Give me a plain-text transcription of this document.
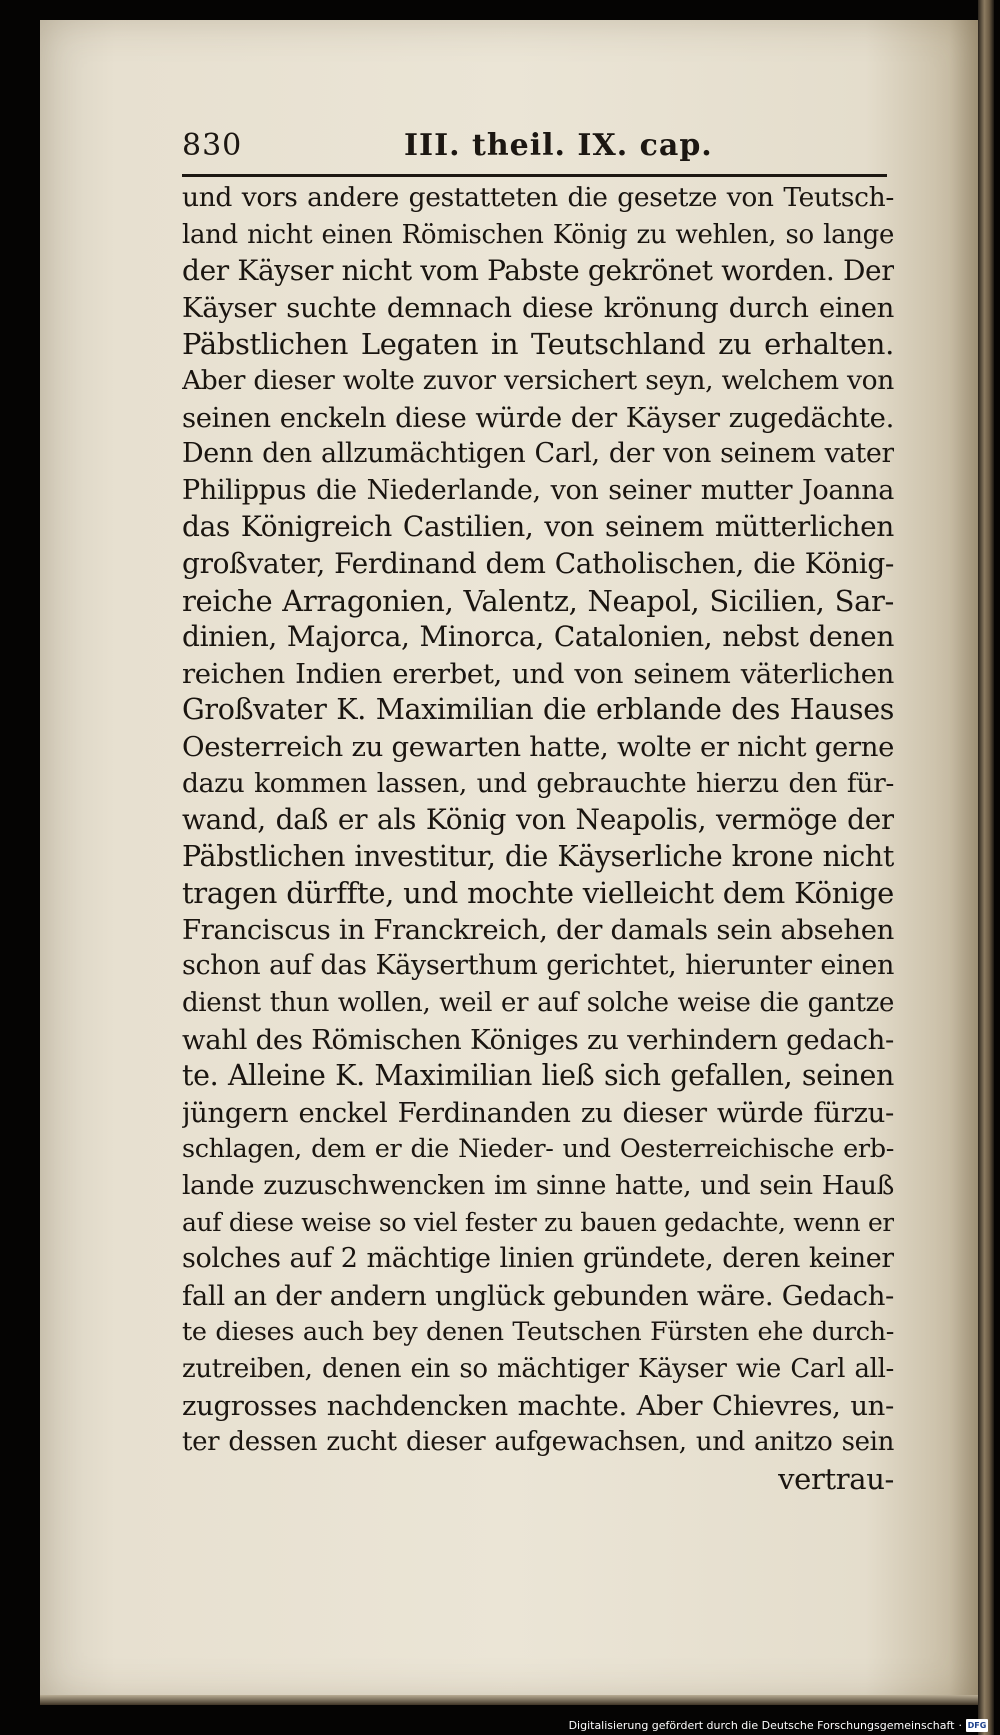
830	III. theil. IX. cap.
und vors andere gestatteten die gesetze von Teutsch-
land nicht einen Römischen König zu wehlen, so lange
der Käyser nicht vom Pabste gekrönet worden. Der
Käyser suchte demnach diese krönung durch einen
Päbstlichen Legaten in Teutschland zu erhalten.
Aber dieser wolte zuvor versichert seyn, welchem von
seinen enckeln diese würde der Käyser zugedächte.
Denn den allzumächtigen Carl, der von seinem vater
Philippus die Niederlande, von seiner mutter Joanna
das Königreich Castilien, von seinem mütterlichen
großvater, Ferdinand dem Catholischen, die König-
reiche Arragonien, Valentz, Neapol, Sicilien, Sar-
dinien, Majorca, Minorca, Catalonien, nebst denen
reichen Indien ererbet, und von seinem väterlichen
Großvater K. Maximilian die erblande des Hauses
Oesterreich zu gewarten hatte, wolte er nicht gerne
dazu kommen lassen, und gebrauchte hierzu den für-
wand, daß er als König von Neapolis, vermöge der
Päbstlichen investitur, die Käyserliche krone nicht
tragen dürffte, und mochte vielleicht dem Könige
Franciscus in Franckreich, der damals sein absehen
schon auf das Käyserthum gerichtet, hierunter einen
dienst thun wollen, weil er auf solche weise die gantze
wahl des Römischen Königes zu verhindern gedach-
te. Alleine K. Maximilian ließ sich gefallen, seinen
jüngern enckel Ferdinanden zu dieser würde fürzu-
schlagen, dem er die Nieder- und Oesterreichische erb-
lande zuzuschwencken im sinne hatte, und sein Hauß
auf diese weise so viel fester zu bauen gedachte, wenn er
solches auf 2 mächtige linien gründete, deren keiner
fall an der andern unglück gebunden wäre. Gedach-
te dieses auch bey denen Teutschen Fürsten ehe durch-
zutreiben, denen ein so mächtiger Käyser wie Carl all-
zugrosses nachdencken machte. Aber Chievres, un-
ter dessen zucht dieser aufgewachsen, und anitzo sein
vertrau-
Digitalisierung gefördert durch die Deutsche Forschungsgemeinschaft · DFG
